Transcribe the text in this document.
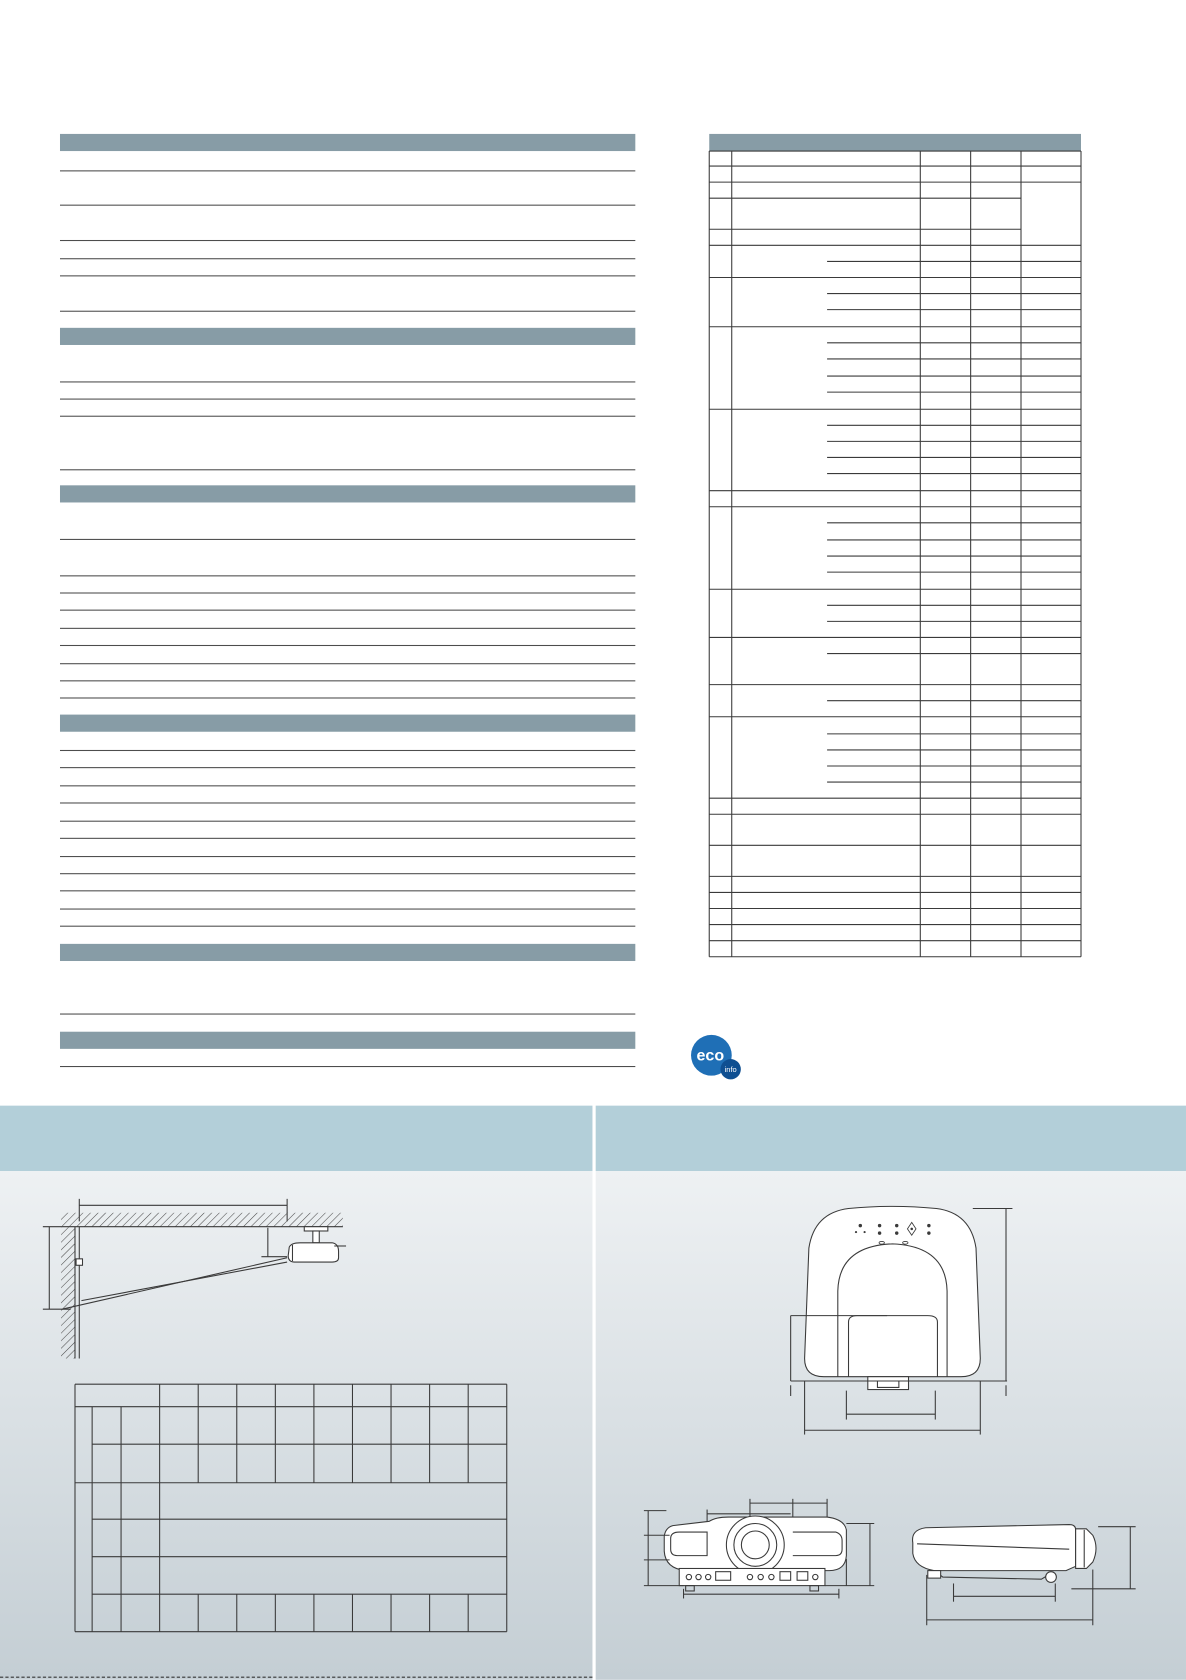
eco
info
